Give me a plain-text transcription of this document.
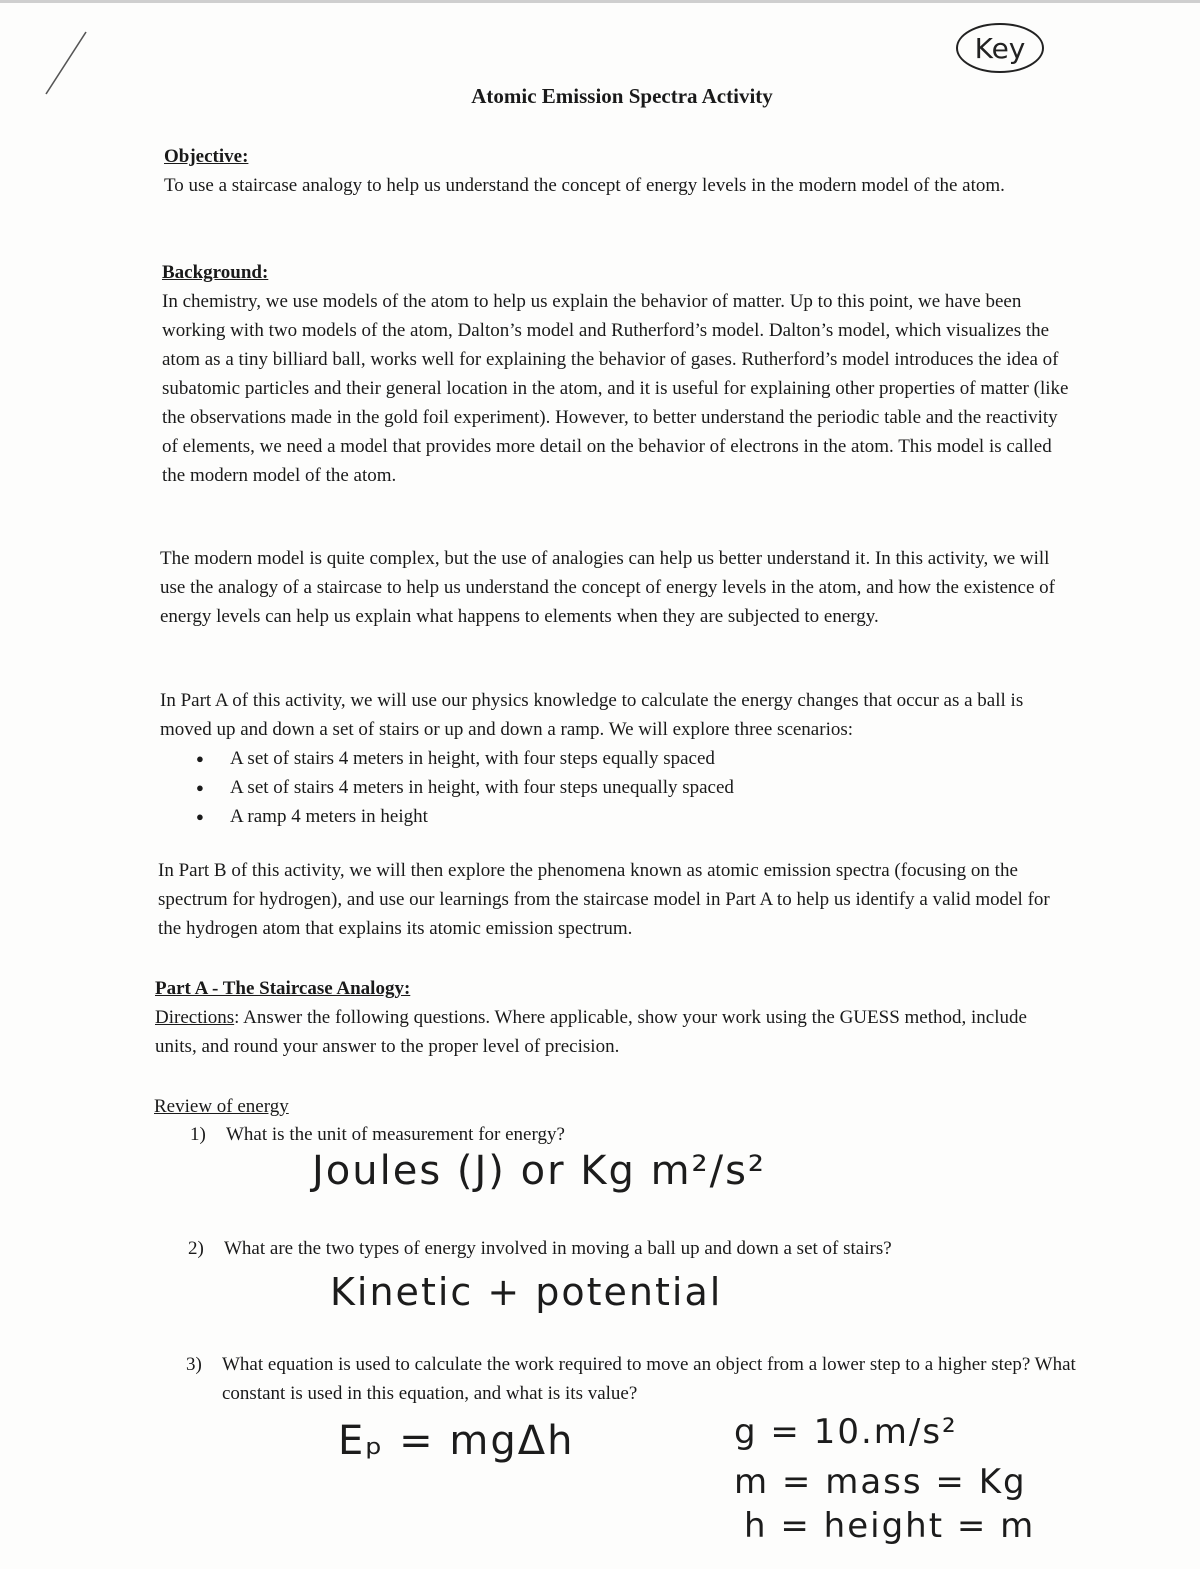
Key
Atomic Emission Spectra Activity
Objective:

To use a staircase analogy to help us understand the concept of energy levels in the modern model of the atom.

Background:

In chemistry, we use models of the atom to help us explain the behavior of matter. Up to this point, we have been working with two models of the atom, Dalton’s model and Rutherford’s model. Dalton’s model, which visualizes the atom as a tiny billiard ball, works well for explaining the behavior of gases. Rutherford’s model introduces the idea of subatomic particles and their general location in the atom, and it is useful for explaining other properties of matter (like the observations made in the gold foil experiment). However, to better understand the periodic table and the reactivity of elements, we need a model that provides more detail on the behavior of electrons in the atom. This model is called the modern model of the atom.

The modern model is quite complex, but the use of analogies can help us better understand it. In this activity, we will use the analogy of a staircase to help us understand the concept of energy levels in the atom, and how the existence of energy levels can help us explain what happens to elements when they are subjected to energy.

In Part A of this activity, we will use our physics knowledge to calculate the energy changes that occur as a ball is moved up and down a set of stairs or up and down a ramp. We will explore three scenarios:

● A set of stairs 4 meters in height, with four steps equally spaced
● A set of stairs 4 meters in height, with four steps unequally spaced
● A ramp 4 meters in height

In Part B of this activity, we will then explore the phenomena known as atomic emission spectra (focusing on the spectrum for hydrogen), and use our learnings from the staircase model in Part A to help us identify a valid model for the hydrogen atom that explains its atomic emission spectrum.

Part A - The Staircase Analogy:

Directions: Answer the following questions. Where applicable, show your work using the GUESS method, include units, and round your answer to the proper level of precision.

Review of energy
1) What is the unit of measurement for energy?
2) What are the two types of energy involved in moving a ball up and down a set of stairs?
3) What equation is used to calculate the work required to move an object from a lower step to a higher step? What constant is used in this equation, and what is its value?
Joules (J) or Kg m²/s²
Kinetic + potential
Eₚ = mgΔh	g = 10.m/s²
m = mass = Kg
h = height = m
